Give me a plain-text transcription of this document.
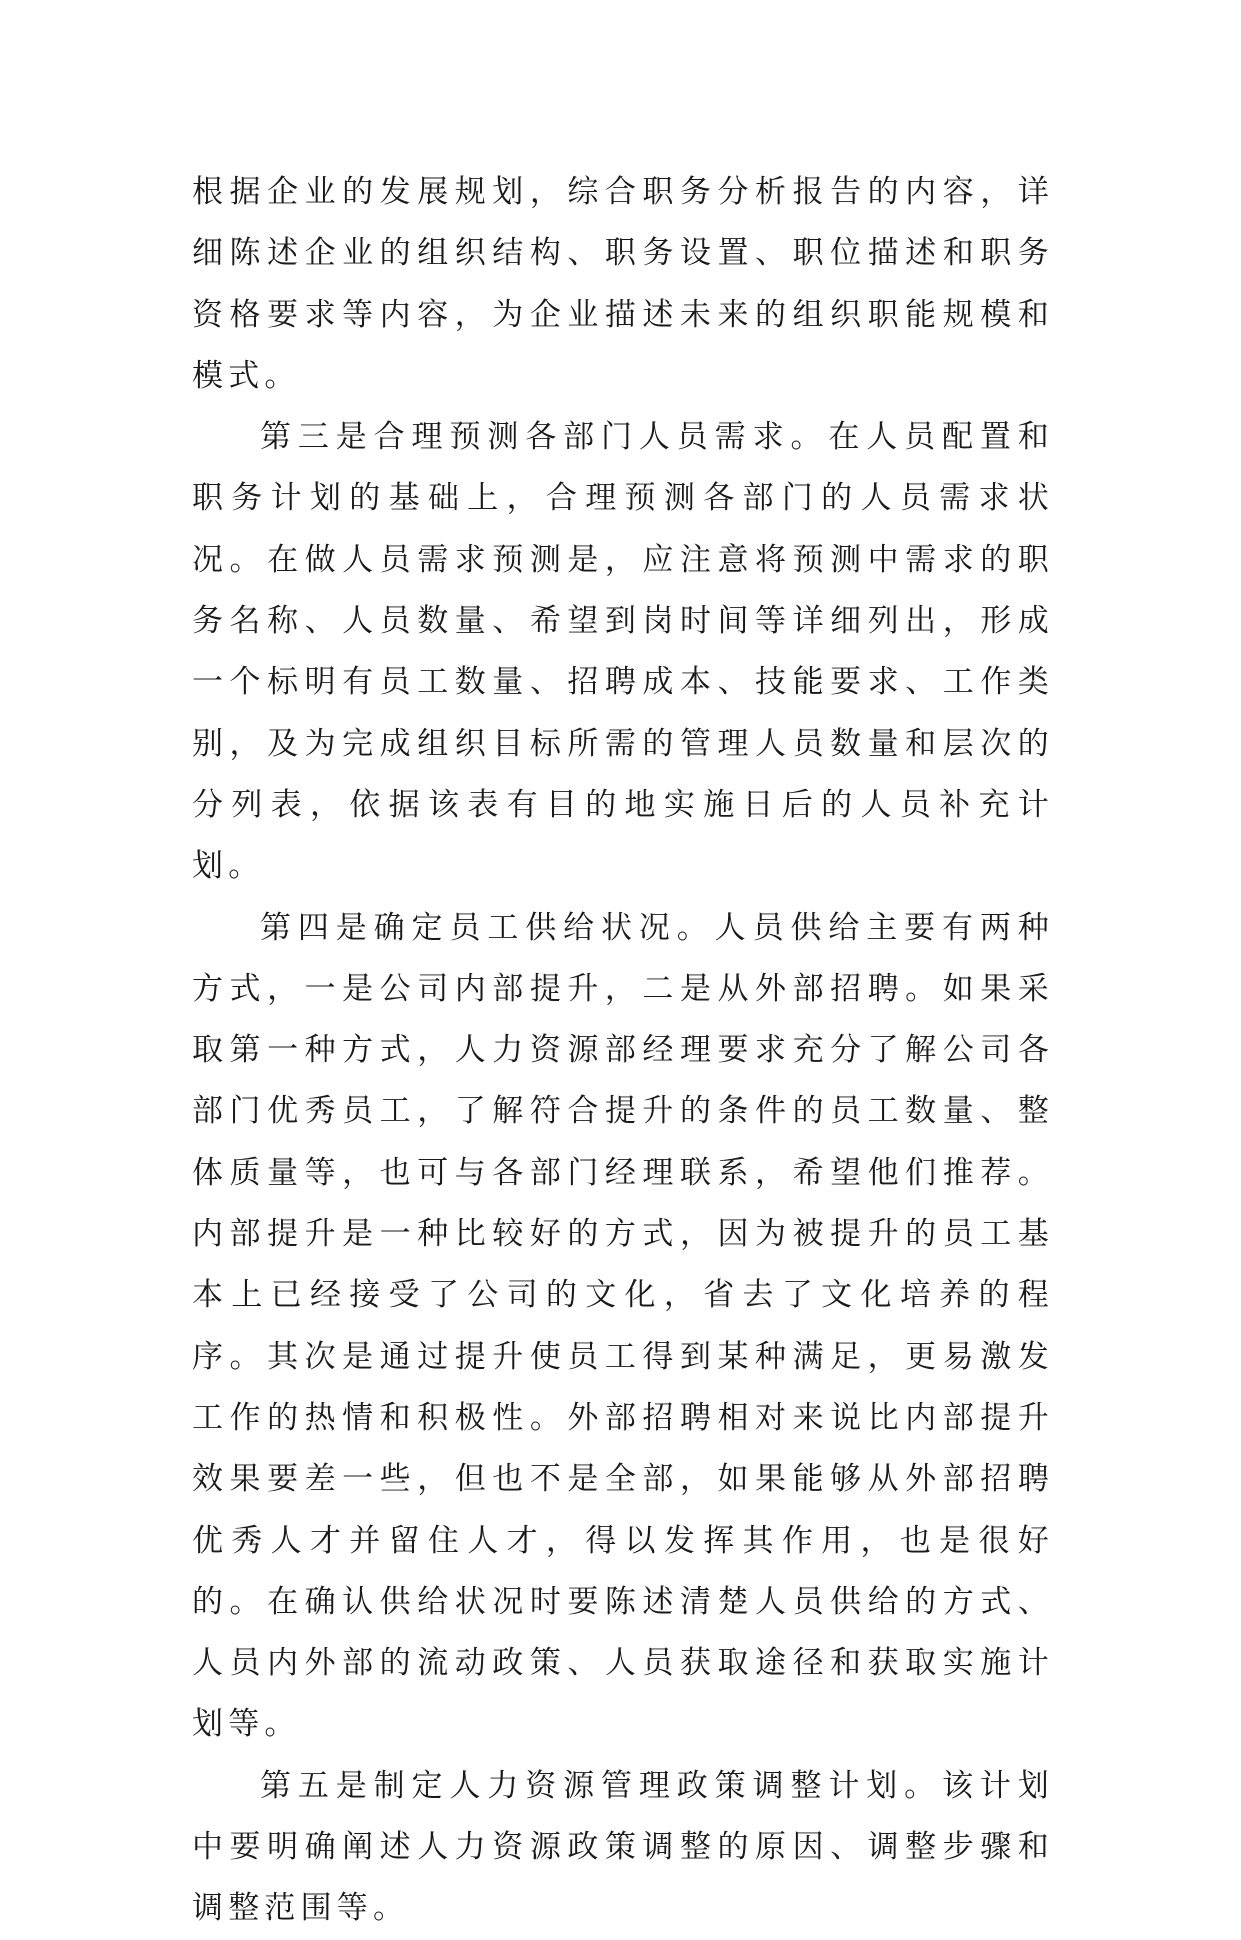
根据企业的发展规划，综合职务分析报告的内容，详细陈述企业的组织结构、职务设置、职位描述和职务资格要求等内容，为企业描述未来的组织职能规模和模式。

第三是合理预测各部门人员需求。在人员配置和职务计划的基础上，合理预测各部门的人员需求状况。在做人员需求预测是，应注意将预测中需求的职务名称、人员数量、希望到岗时间等详细列出，形成一个标明有员工数量、招聘成本、技能要求、工作类别，及为完成组织目标所需的管理人员数量和层次的分列表，依据该表有目的地实施日后的人员补充计划。

第四是确定员工供给状况。人员供给主要有两种方式，一是公司内部提升，二是从外部招聘。如果采取第一种方式，人力资源部经理要求充分了解公司各部门优秀员工，了解符合提升的条件的员工数量、整体质量等，也可与各部门经理联系，希望他们推荐。内部提升是一种比较好的方式，因为被提升的员工基本上已经接受了公司的文化，省去了文化培养的程序。其次是通过提升使员工得到某种满足，更易激发工作的热情和积极性。外部招聘相对来说比内部提升效果要差一些，但也不是全部，如果能够从外部招聘优秀人才并留住人才，得以发挥其作用，也是很好的。在确认供给状况时要陈述清楚人员供给的方式、人员内外部的流动政策、人员获取途径和获取实施计划等。

第五是制定人力资源管理政策调整计划。该计划中要明确阐述人力资源政策调整的原因、调整步骤和调整范围等。
